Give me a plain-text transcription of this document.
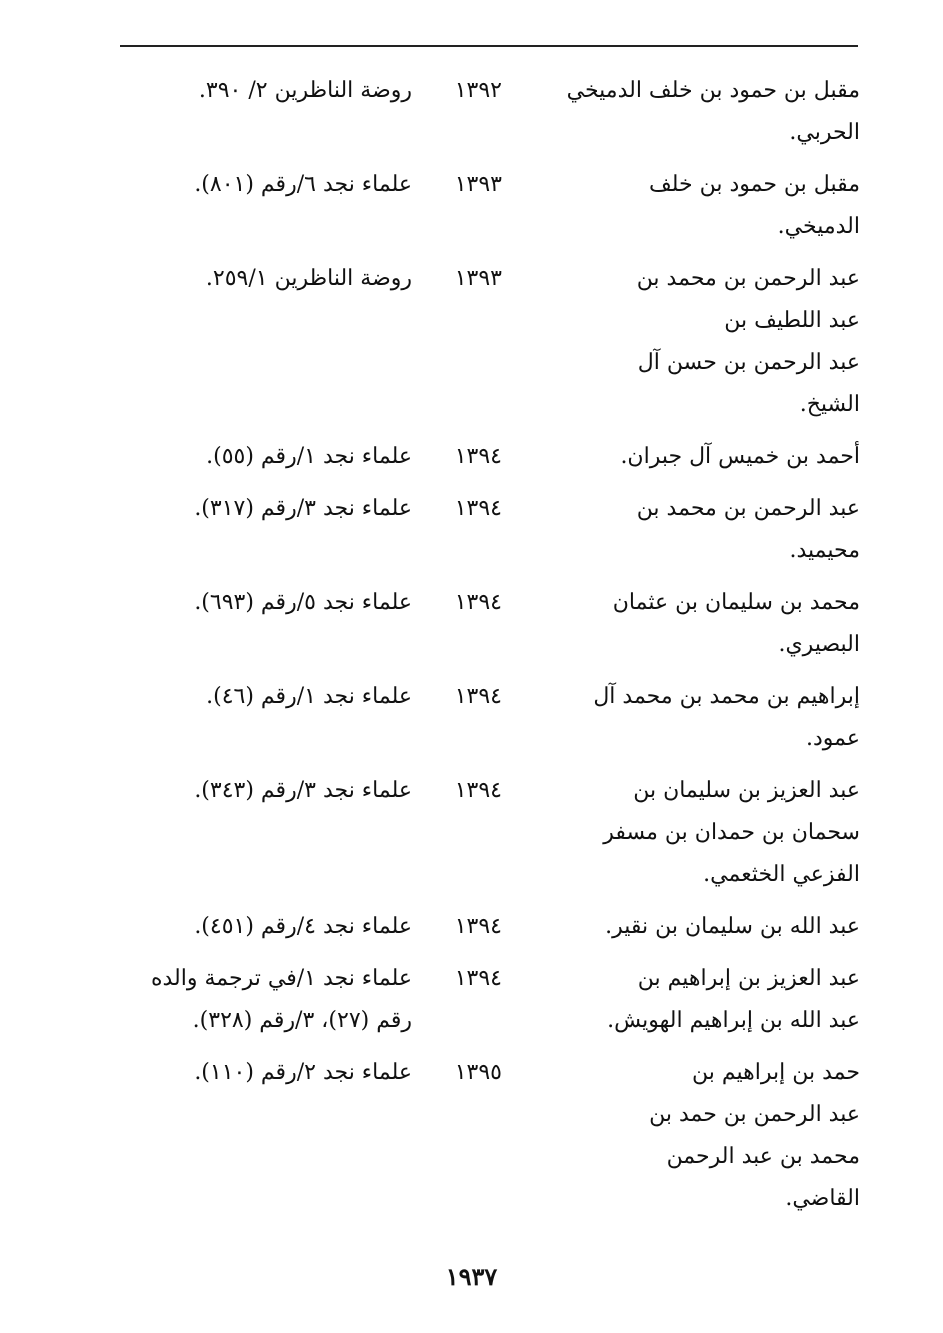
مقبل بن حمود بن خلف الدميخي
الحربي.
١٣٩٢
روضة الناظرين ٢/ ٣٩٠.
مقبل بن حمود بن خلف
الدميخي.
١٣٩٣
علماء نجد ٦/رقم (٨٠١).
عبد الرحمن بن محمد بن
عبد اللطيف بن
عبد الرحمن بن حسن آل
الشيخ.
١٣٩٣
روضة الناظرين ٢٥٩/١.
أحمد بن خميس آل جبران.
١٣٩٤
علماء نجد ١/رقم (٥٥).
عبد الرحمن بن محمد بن
محيميد.
١٣٩٤
علماء نجد ٣/رقم (٣١٧).
محمد بن سليمان بن عثمان
البصيري.
١٣٩٤
علماء نجد ٥/رقم (٦٩٣).
إبراهيم بن محمد بن محمد آل
عمود.
١٣٩٤
علماء نجد ١/رقم (٤٦).
عبد العزيز بن سليمان بن
سحمان بن حمدان بن مسفر
الفزعي الخثعمي.
١٣٩٤
علماء نجد ٣/رقم (٣٤٣).
عبد الله بن سليمان بن نقير.
١٣٩٤
علماء نجد ٤/رقم (٤٥١).
عبد العزيز بن إبراهيم بن
عبد الله بن إبراهيم الهويش.
١٣٩٤
علماء نجد ١/في ترجمة والده
رقم (٢٧)، ٣/رقم (٣٢٨).
حمد بن إبراهيم بن
عبد الرحمن بن حمد بن
محمد بن عبد الرحمن
القاضي.
١٣٩٥
علماء نجد ٢/رقم (١١٠).
١٩٣٧
